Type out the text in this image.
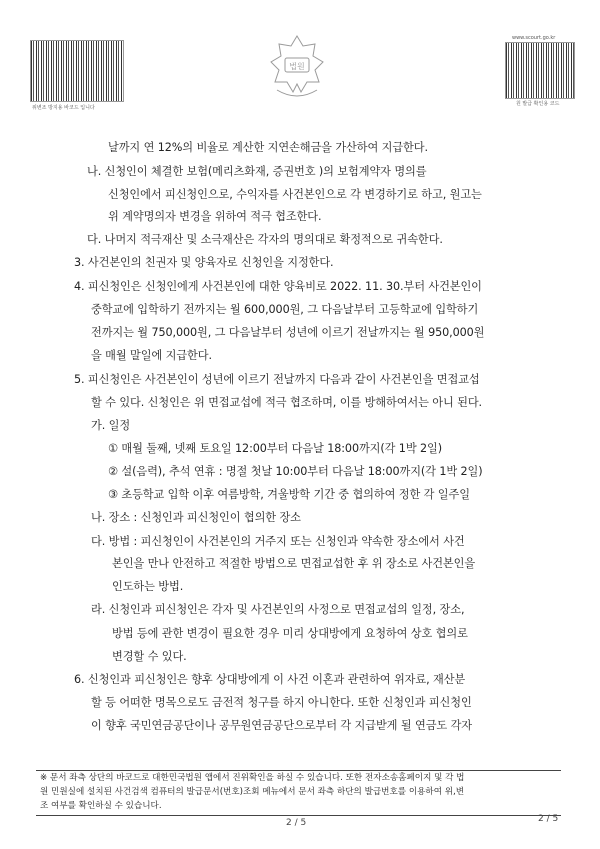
위변조 방지용 바코드 입니다
www.scourt.go.kr
원 발급 확인용 코드
법원
날까지 연 12%의 비율로 계산한 지연손해금을 가산하여 지급한다.
나. 신청인이 체결한 보험(메리츠화재, 증권번호 )의 보험계약자 명의를
신청인에서 피신청인으로, 수익자를 사건본인으로 각 변경하기로 하고, 원고는
위 계약명의자 변경을 위하여 적극 협조한다.
다. 나머지 적극재산 및 소극재산은 각자의 명의대로 확정적으로 귀속한다.
3. 사건본인의 친권자 및 양육자로 신청인을 지정한다.
4. 피신청인은 신청인에게 사건본인에 대한 양육비로 2022. 11. 30.부터 사건본인이
중학교에 입학하기 전까지는 월 600,000원, 그 다음날부터 고등학교에 입학하기
전까지는 월 750,000원, 그 다음날부터 성년에 이르기 전날까지는 월 950,000원
을 매월 말일에 지급한다.
5. 피신청인은 사건본인이 성년에 이르기 전날까지 다음과 같이 사건본인을 면접교섭
할 수 있다. 신청인은 위 면접교섭에 적극 협조하며, 이를 방해하여서는 아니 된다.
가. 일정
① 매월 둘째, 넷째 토요일 12:00부터 다음날 18:00까지(각 1박 2일)
② 설(음력), 추석 연휴 : 명절 첫날 10:00부터 다음날 18:00까지(각 1박 2일)
③ 초등학교 입학 이후 여름방학, 겨울방학 기간 중 협의하여 정한 각 일주일
나. 장소 : 신청인과 피신청인이 협의한 장소
다. 방법 : 피신청인이 사건본인의 거주지 또는 신청인과 약속한 장소에서 사건
본인을 만나 안전하고 적절한 방법으로 면접교섭한 후 위 장소로 사건본인을
인도하는 방법.
라. 신청인과 피신청인은 각자 및 사건본인의 사정으로 면접교섭의 일정, 장소,
방법 등에 관한 변경이 필요한 경우 미리 상대방에게 요청하여 상호 협의로
변경할 수 있다.
6. 신청인과 피신청인은 향후 상대방에게 이 사건 이혼과 관련하여 위자료, 재산분
할 등 어떠한 명목으로도 금전적 청구를 하지 아니한다. 또한 신청인과 피신청인
이 향후 국민연금공단이나 공무원연금공단으로부터 각 지급받게 될 연금도 각자
※ 문서 좌측 상단의 바코드로 대한민국법원 앱에서 진위확인을 하실 수 있습니다. 또한 전자소송홈페이지 및 각 법
원 민원실에 설치된 사건검색 컴퓨터의 발급문서(번호)조회 메뉴에서 문서 좌측 하단의 발급번호를 이용하여 위,변
조 여부를 확인하실 수 있습니다.
2 / 5	2 / 5
